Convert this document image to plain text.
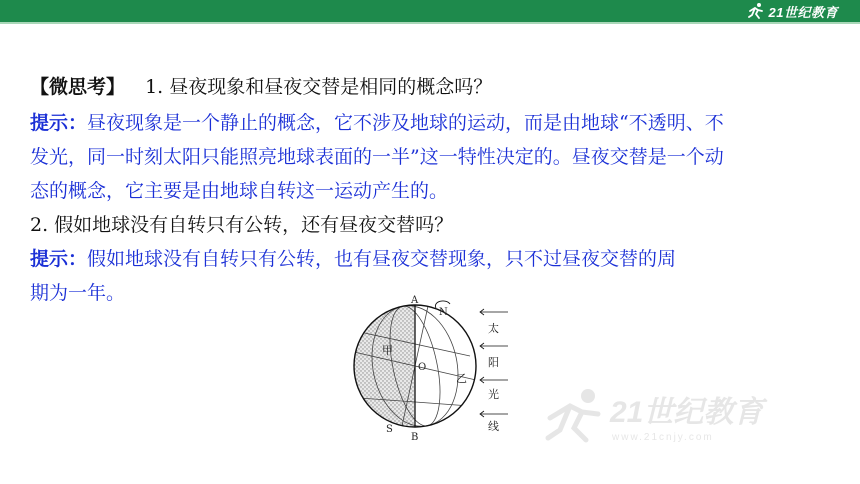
21世纪教育
【微思考】 1. 昼夜现象和昼夜交替是相同的概念吗？
提示：昼夜现象是一个静止的概念，它不涉及地球的运动，而是由地球“不透明、不
发光，同一时刻太阳只能照亮地球表面的一半”这一特性决定的。昼夜交替是一个动
态的概念，它主要是由地球自转这一运动产生的。
2. 假如地球没有自转只有公转，还有昼夜交替吗？
提示：假如地球没有自转只有公转，也有昼夜交替现象，只不过昼夜交替的周
期为一年。	A
B
N
S
O
甲
乙
太
阳
光
线	21世纪教育
www.21cnjy.com
